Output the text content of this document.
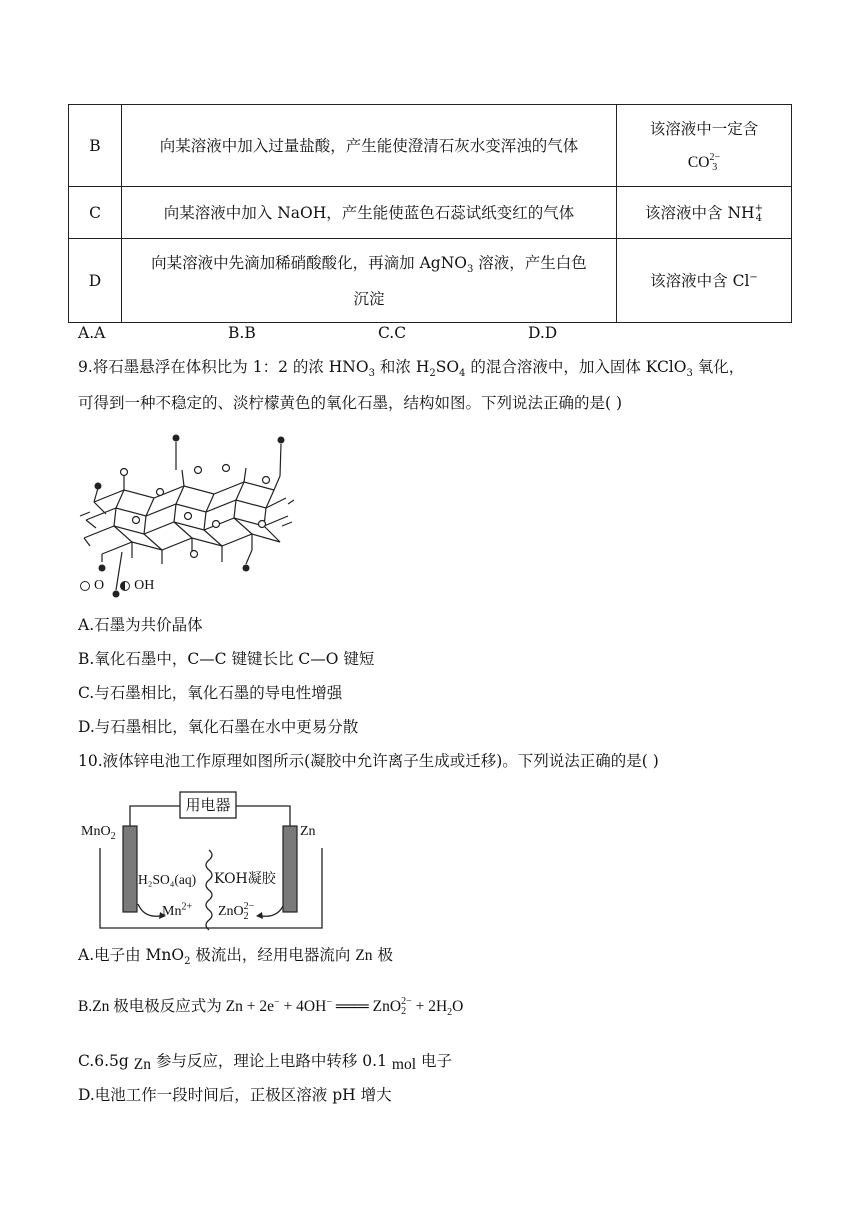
B	向某溶液中加入过量盐酸，产生能使澄清石灰水变浑浊的气体	该溶液中一定含
CO 2−
3

C	向某溶液中加入 NaOH，产生能使蓝色石蕊试纸变红的气体	该溶液中含 NH +
4

D	向某溶液中先滴加稀硝酸酸化，再滴加 AgNO$_3$ 溶液，产生白色
沉淀	该溶液中含 Cl−
A.A	B.B	C.C	D.D
9.将石墨悬浮在体积比为 1：2 的浓 $HNO_3$ 和浓 $H_2SO_4$ 的混合溶液中，加入固体 KClO$_3$ 氧化，
可得到一种不稳定的、淡柠檬黄色的氧化石墨，结构如图。下列说法正确的是( )
O OH
A.石墨为共价晶体
B.氧化石墨中，C—C 键键长比 C—O 键短
C.与石墨相比，氧化石墨的导电性增强
D.与石墨相比，氧化石墨在水中更易分散
10.液体锌电池工作原理如图所示(凝胶中允许离子生成或迁移)。下列说法正确的是( )
用电器
MnO$_2$	Zn
H₂SO₄(aq) KOH凝胶
$Mn^{2+}$ ZnO 2−
2
A.电子由 MnO$_2$ 极流出，经用电器流向 Zn 极
B.Zn 极电极反应式为 Zn + 2e− + 4OH− ═══ ZnO 2−
$2 + 2H_2O$
C.6.5g Zn 参与反应，理论上电路中转移 0.1 mol 电子
D.电池工作一段时间后，正极区溶液 pH 增大
